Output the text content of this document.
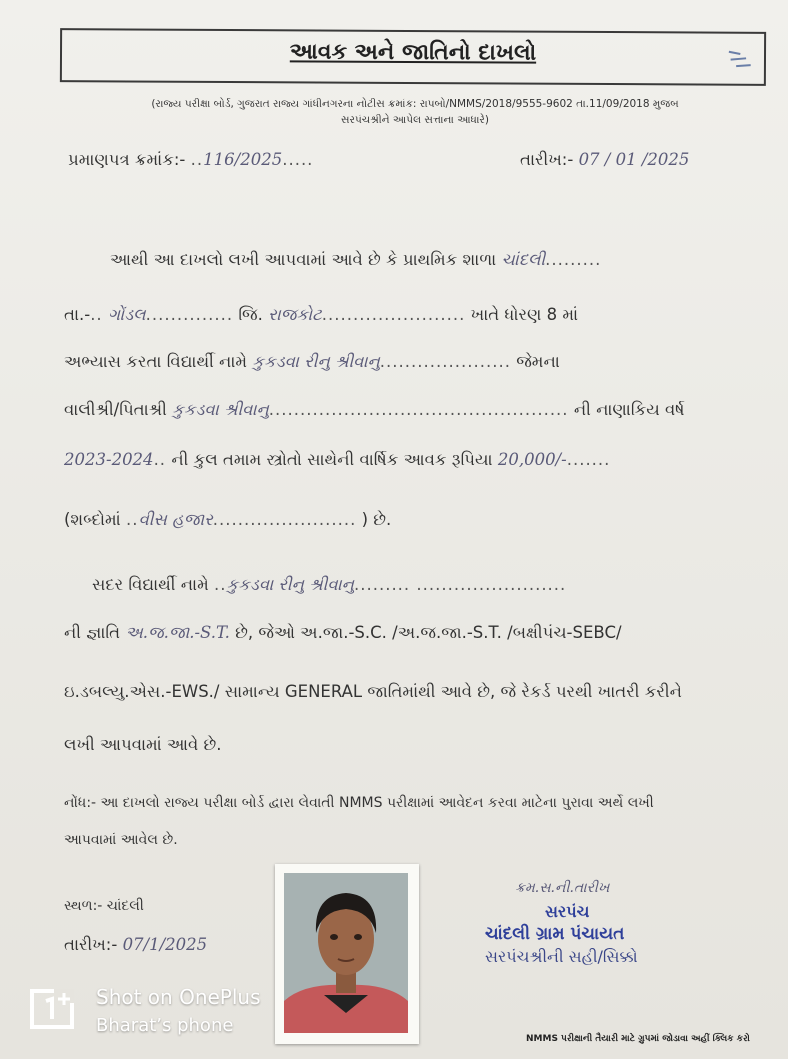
આવક અને જાતિનો દાખલો
(રાજ્ય પરીક્ષા બોર્ડ, ગુજરાત રાજ્ય ગાંધીનગરના નોટીસ ક્રમાંક: રાપબો/NMMS/2018/9555-9602 તા.11/09/2018 મુજબ
સરપંચશ્રીને આપેલ સત્તાના આધારે)
પ્રમાણપત્ર ક્રમાંક:- ..116/2025.....	તારીખ:- 07 / 01 /2025
આથી આ દાખલો લખી આપવામાં આવે છે કે પ્રાથમિક શાળા ચાંદલી.........
તા.-.. ગોંડલ.............. જિ. રાજકોટ....................... ખાતે ધોરણ 8 માં
અભ્યાસ કરતા વિદ્યાર્થી નામે કુકડવા રીનુ શ્રીવાનુ..................... જેમના
વાલીશ્રી/પિતાશ્રી કુકડવા શ્રીવાનુ................................................ ની નાણાકિય વર્ષ
2023-2024.. ની કુલ તમામ સ્ત્રોતો સાથેની વાર્ષિક આવક રૂપિયા 20,000/-.......
(શબ્દોમાં ..વીસ હજાર....................... ) છે.
સદર વિદ્યાર્થી નામે ..કુકડવા રીનુ શ્રીવાનુ......... ........................
ની જ્ઞાતિ અ.જ.જા.-S.T. છે, જેઓ અ.જા.-S.C. /અ.જ.જા.-S.T. /બક્ષીપંચ-SEBC/
ઇ.ડબલ્યુ.એસ.-EWS./ સામાન્ય GENERAL જાતિમાંથી આવે છે, જે રેકર્ડ પરથી ખાતરી કરીને
લખી આપવામાં આવે છે.
નોંધ:- આ દાખલો રાજ્ય પરીક્ષા બોર્ડ દ્વારા લેવાતી NMMS પરીક્ષામાં આવેદન કરવા માટેના પુરાવા અર્થે લખી
આપવામાં આવેલ છે.
સ્થળ:- ચાંદલી
તારીખ:- 07/1/2025
ક્રમ.સ.ની.તારીખ
સરપંચ
ચાંદલી ગ્રામ પંચાયત
સરપંચશ્રીની સહી/સિક્કો
NMMS પરીક્ષાની તૈયારી માટે ગ્રુપમાં જોડાવા અહીં ક્લિક કરો
Shot on OnePlus
Bharat’s phone
